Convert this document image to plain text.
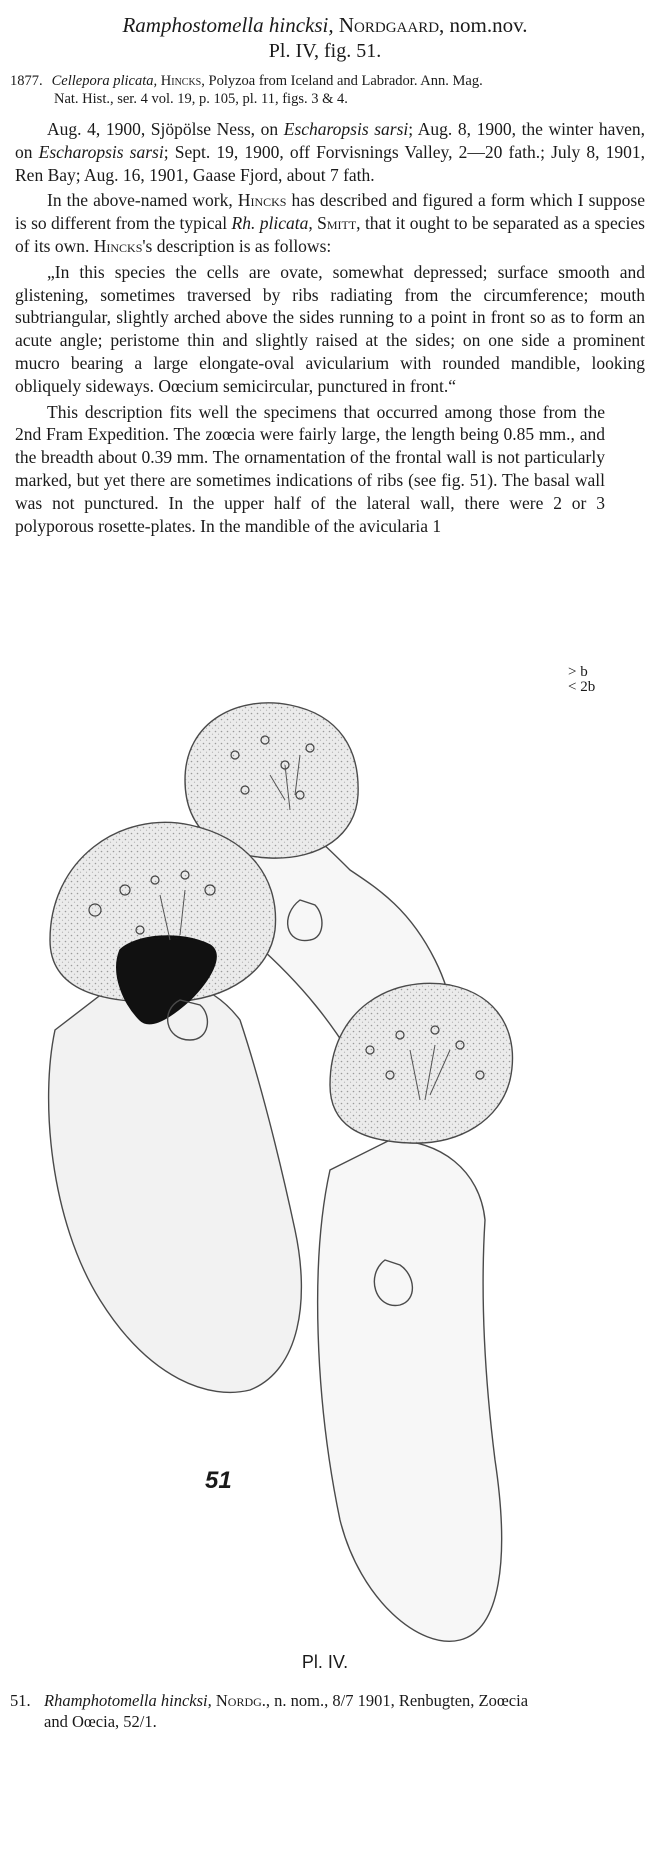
Ramphostomella hincksi, Nordgaard, nom.nov.
Pl. IV, fig. 51.
1877. Cellepora plicata, Hincks, Polyzoa from Iceland and Labrador. Ann. Mag.
Nat. Hist., ser. 4 vol. 19, p. 105, pl. 11, figs. 3 & 4.

Aug. 4, 1900, Sjöpölse Ness, on Escharopsis sarsi; Aug. 8, 1900, the winter haven, on Escharopsis sarsi; Sept. 19, 1900, off Forvisnings Valley, 2—20 fath.; July 8, 1901, Ren Bay; Aug. 16, 1901, Gaase Fjord, about 7 fath.

In the above-named work, Hincks has described and figured a form which I suppose is so different from the typical Rh. plicata, Smitt, that it ought to be separated as a species of its own. Hincks's description is as follows:

„In this species the cells are ovate, somewhat depressed; surface smooth and glistening, sometimes traversed by ribs radiating from the circumference; mouth subtriangular, slightly arched above the sides running to a point in front so as to form an acute angle; peristome thin and slightly raised at the sides; on one side a prominent mucro bearing a large elongate-oval avicularium with rounded mandible, looking obliquely sideways. Oœcium semicircular, punctured in front.“

This description fits well the specimens that occurred among those from the 2nd Fram Expedition. The zoœcia were fairly large, the length being 0.85 mm., and the breadth about 0.39 mm. The ornamentation of the frontal wall is not particularly marked, but yet there are sometimes indications of ribs (see fig. 51). The basal wall was not punctured. In the upper half of the lateral wall, there were 2 or 3 polyporous rosette-plates. In the mandible of the avicularia 1

> b
< 2b
51
Pl. IV.
51. Rhamphotomella hincksi, Nordg., n. nom., 8/7 1901, Renbugten, Zoœcia
and Oœcia, 52/1.
